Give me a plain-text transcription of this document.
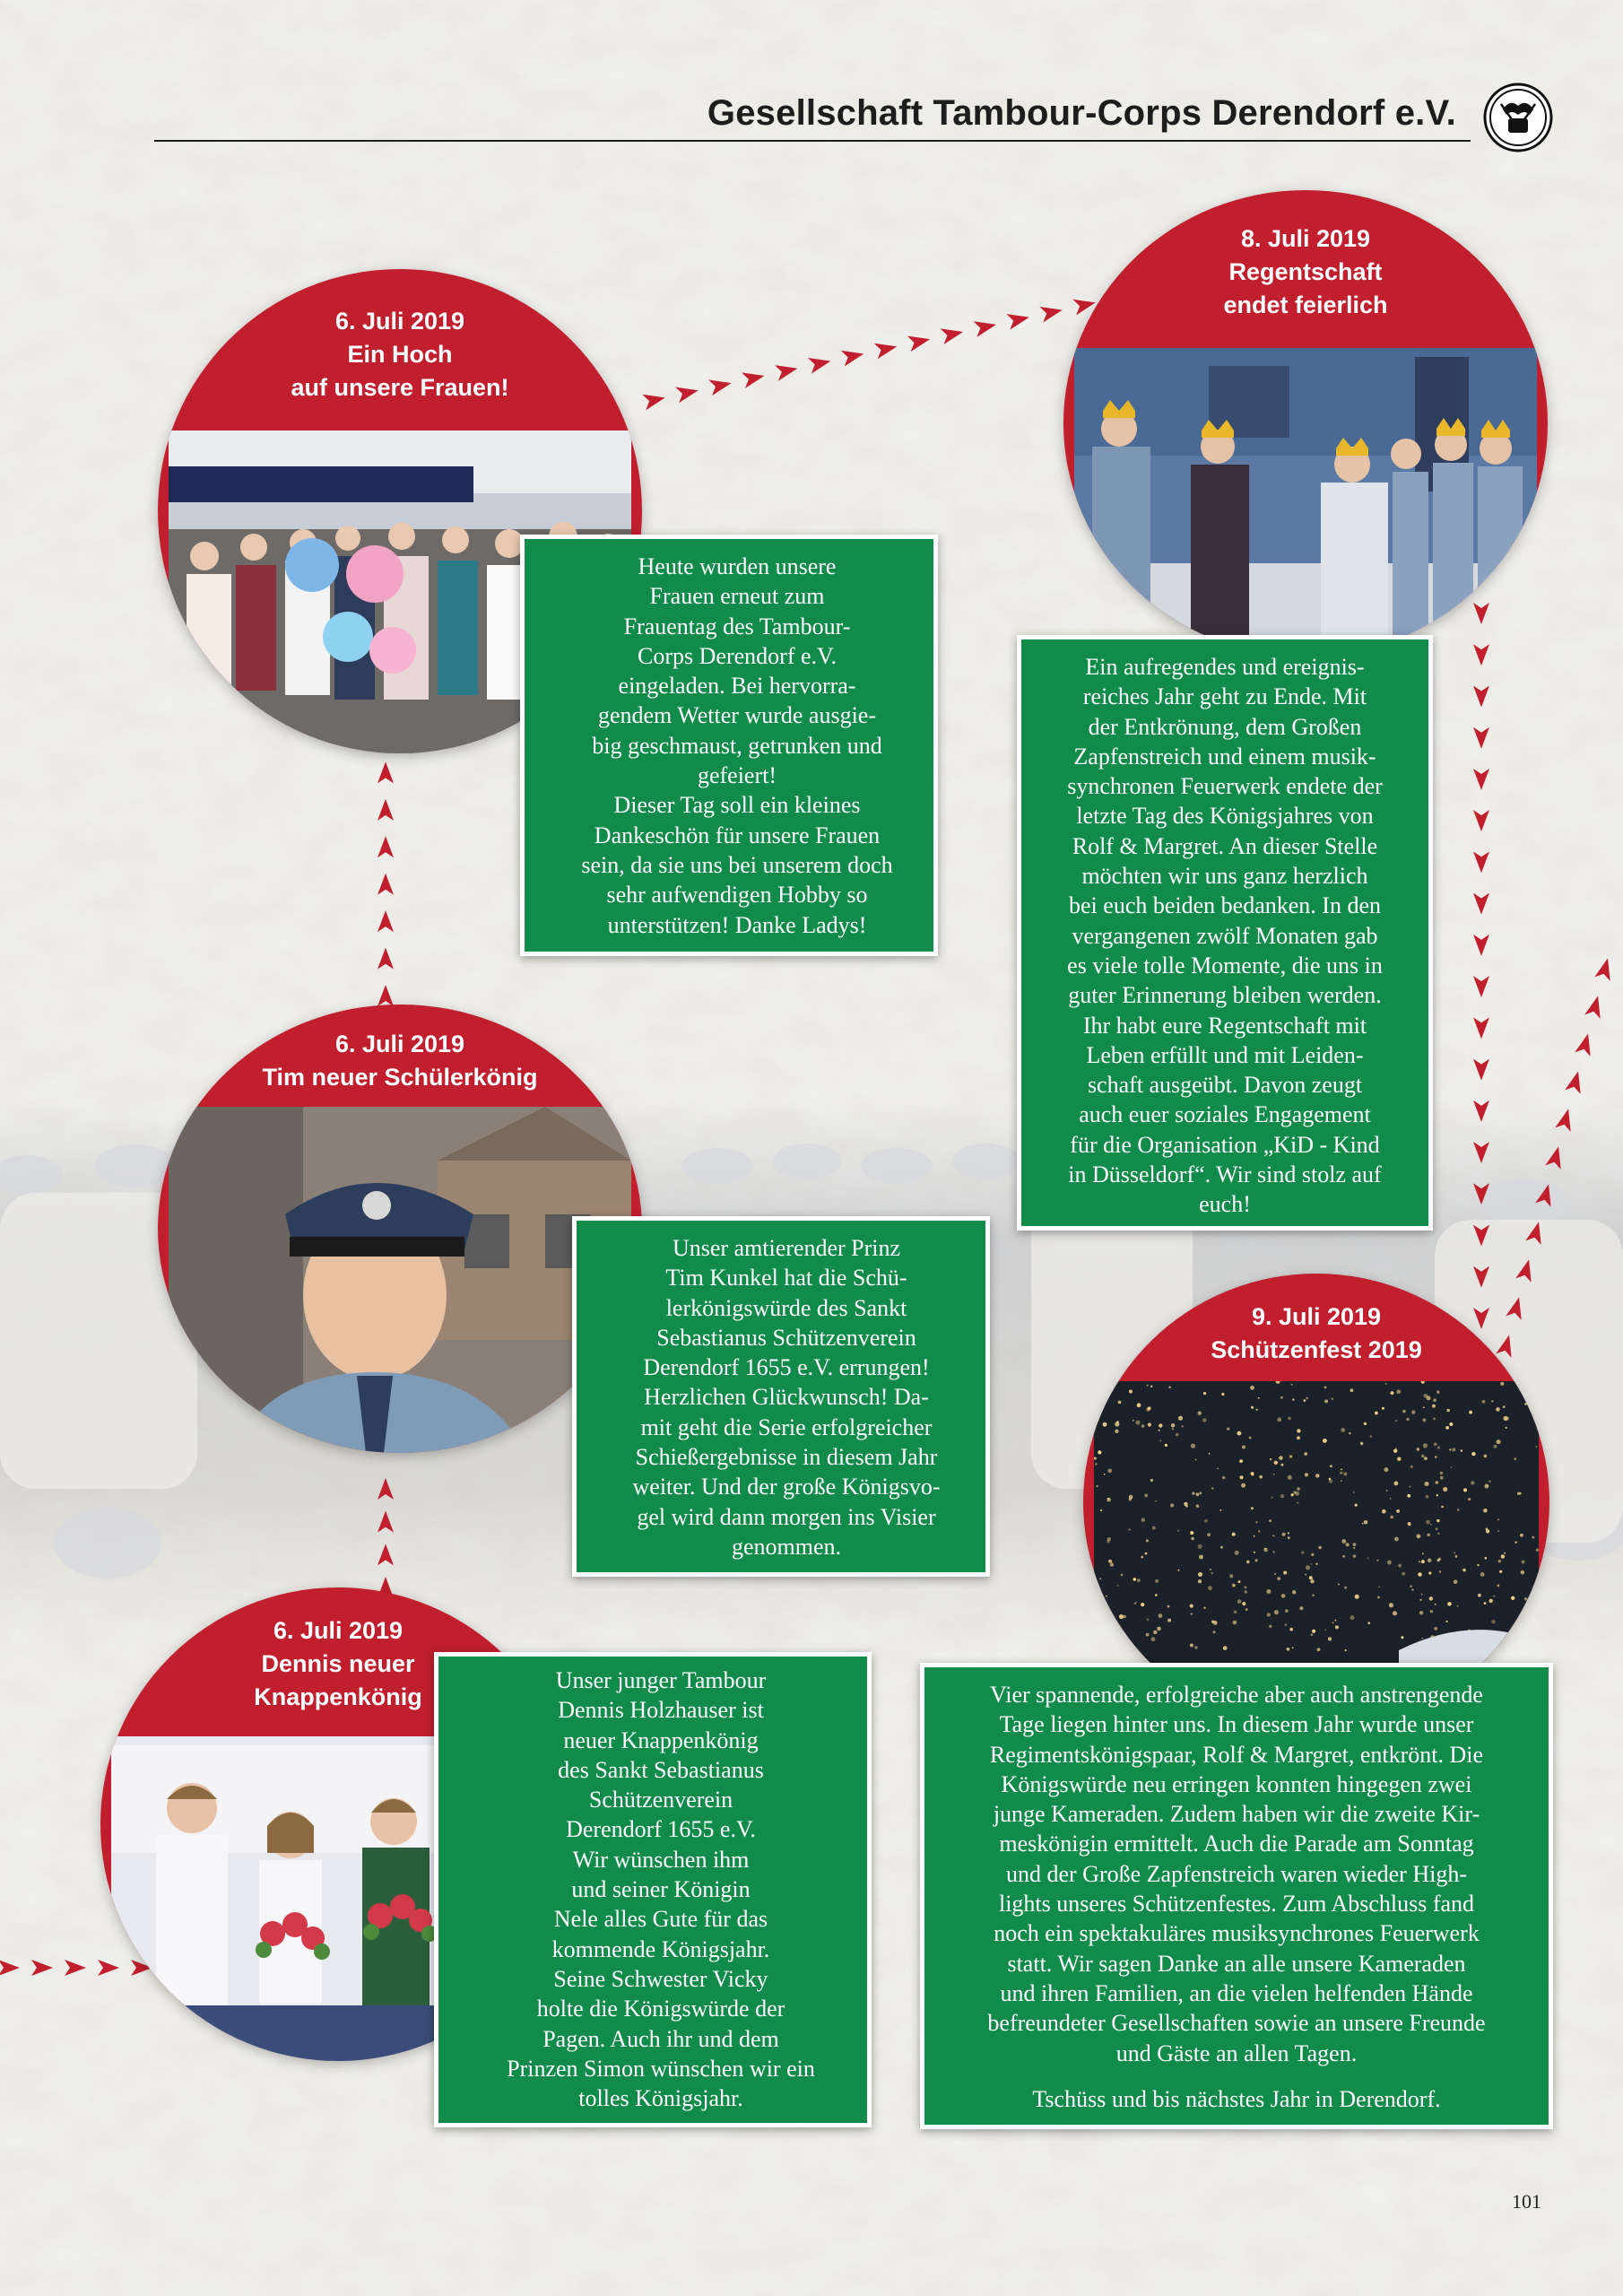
Gesellschaft Tambour-Corps Derendorf e.V.
6. Juli 2019
Ein Hoch
auf unsere Frauen!

Heute wurden unsere
Frauen erneut zum
Frauentag des Tambour-
Corps Derendorf e.V.
eingeladen. Bei hervorra-
gendem Wetter wurde ausgie-
big geschmaust, getrunken und
gefeiert!
Dieser Tag soll ein kleines
Dankeschön für unsere Frauen
sein, da sie uns bei unserem doch
sehr aufwendigen Hobby so
unterstützen! Danke Ladys!

8. Juli 2019
Regentschaft
endet feierlich

Ein aufregendes und ereignis-
reiches Jahr geht zu Ende. Mit
der Entkrönung, dem Großen
Zapfenstreich und einem musik-
synchronen Feuerwerk endete der
letzte Tag des Königsjahres von
Rolf & Margret. An dieser Stelle
möchten wir uns ganz herzlich
bei euch beiden bedanken. In den
vergangenen zwölf Monaten gab
es viele tolle Momente, die uns in
guter Erinnerung bleiben werden.
Ihr habt eure Regentschaft mit
Leben erfüllt und mit Leiden-
schaft ausgeübt. Davon zeugt
auch euer soziales Engagement
für die Organisation „KiD - Kind
in Düsseldorf“. Wir sind stolz auf
euch!

6. Juli 2019
Tim neuer Schülerkönig

Unser amtierender Prinz
Tim Kunkel hat die Schü-
lerkönigswürde des Sankt
Sebastianus Schützenverein
Derendorf 1655 e.V. errungen!
Herzlichen Glückwunsch! Da-
mit geht die Serie erfolgreicher
Schießergebnisse in diesem Jahr
weiter. Und der große Königsvo-
gel wird dann morgen ins Visier
genommen.

9. Juli 2019
Schützenfest 2019

Vier spannende, erfolgreiche aber auch anstrengende
Tage liegen hinter uns. In diesem Jahr wurde unser
Regimentskönigspaar, Rolf & Margret, entkrönt. Die
Königswürde neu erringen konnten hingegen zwei
junge Kameraden. Zudem haben wir die zweite Kir-
meskönigin ermittelt. Auch die Parade am Sonntag
und der Große Zapfenstreich waren wieder High-
lights unseres Schützenfestes. Zum Abschluss fand
noch ein spektakuläres musiksynchrones Feuerwerk
statt. Wir sagen Danke an alle unsere Kameraden
und ihren Familien, an die vielen helfenden Hände
befreundeter Gesellschaften sowie an unsere Freunde
und Gäste an allen Tagen.

Tschüss und bis nächstes Jahr in Derendorf.

6. Juli 2019
Dennis neuer
Knappenkönig

Unser junger Tambour
Dennis Holzhauser ist
neuer Knappenkönig
des Sankt Sebastianus
Schützenverein
Derendorf 1655 e.V.
Wir wünschen ihm
und seiner Königin
Nele alles Gute für das
kommende Königsjahr.
Seine Schwester Vicky
holte die Königswürde der
Pagen. Auch ihr und dem
Prinzen Simon wünschen wir ein
tolles Königsjahr.

101
